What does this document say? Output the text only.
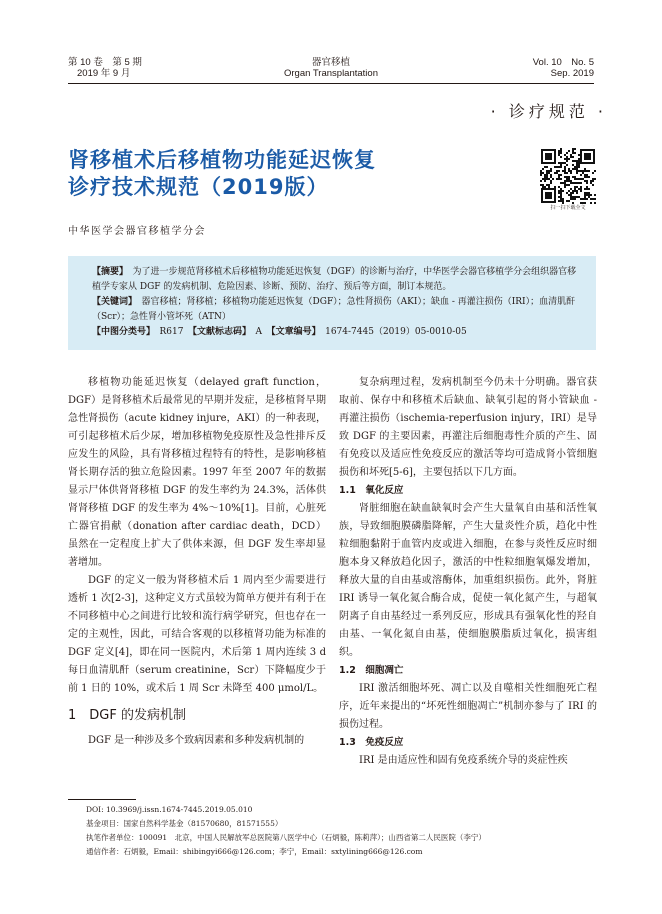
第 10 卷　第 5 期
2019 年 9 月
器官移植
Organ Transplantation
Vol. 10　No. 5
Sep. 2019
· 诊疗规范 ·
肾移植术后移植物功能延迟恢复
诊疗技术规范（2019版）
扫一扫下载全文
中华医学会器官移植学分会

【摘要】　 为了进一步规范肾移植术后移植物功能延迟恢复（DGF）的诊断与治疗，中华医学会器官移植学分会组织器官移植学专家从 DGF 的发病机制、危险因素、诊断、预防、治疗、预后等方面，制订本规范。

【关键词】　 器官移植；肾移植；移植物功能延迟恢复（DGF）；急性肾损伤（AKI）；缺血 - 再灌注损伤（IRI）；血清肌酐（Scr）；急性肾小管坏死（ATN）

【中图分类号】　 R617　 【文献标志码】　 A　 【文章编号】　 1674-7445（2019）05-0010-05

移植物功能延迟恢复（delayed graft function，DGF）是肾移植术后最常见的早期并发症，是移植肾早期急性肾损伤（acute kidney injure，AKI）的一种表现，可引起移植术后少尿，增加移植物免疫原性及急性排斥反应发生的风险，具有肾移植过程特有的特性，是影响移植肾长期存活的独立危险因素。1997 年至 2007 年的数据显示尸体供肾肾移植 DGF 的发生率约为 24.3%，活体供肾肾移植 DGF 的发生率为 4%～10%[1]。目前，心脏死亡器官捐献（donation after cardiac death，DCD）虽然在一定程度上扩大了供体来源，但 DGF 发生率却显著增加。

DGF 的定义一般为肾移植术后 1 周内至少需要进行透析 1 次[2-3]，这种定义方式虽较为简单方便并有利于在不同移植中心之间进行比较和流行病学研究，但也存在一定的主观性，因此，可结合客观的以移植肾功能为标准的 DGF 定义[4]，即在同一医院内，术后第 1 周内连续 3 d 每日血清肌酐（serum creatinine，Scr）下降幅度少于前 1 日的 10%，或术后 1 周 Scr 未降至 400 μmol/L。

1　DGF 的发病机制

DGF 是一种涉及多个致病因素和多种发病机制的

复杂病理过程，发病机制至今仍未十分明确。器官获取前、保存中和移植术后缺血、缺氧引起的肾小管缺血 - 再灌注损伤（ischemia-reperfusion injury，IRI）是导致 DGF 的主要因素，再灌注后细胞毒性介质的产生、固有免疫以及适应性免疫反应的激活等均可造成肾小管细胞损伤和坏死[5-6]，主要包括以下几方面。

1.1　氧化反应

肾脏细胞在缺血缺氧时会产生大量氧自由基和活性氧族，导致细胞膜磷脂降解，产生大量炎性介质，趋化中性粒细胞黏附于血管内皮或进入细胞，在参与炎性反应时细胞本身又释放趋化因子，激活的中性粒细胞氧爆发增加，释放大量的自由基或溶酶体，加重组织损伤。此外，肾脏 IRI 诱导一氧化氮合酶合成，促使一氧化氮产生，与超氧阴离子自由基经过一系列反应，形成具有强氧化性的羟自由基、一氧化氮自由基，使细胞膜脂质过氧化，损害组织。

1.2　细胞凋亡

IRI 激活细胞坏死、凋亡以及自噬相关性细胞死亡程序，近年来提出的“坏死性细胞凋亡”机制亦参与了 IRI 的损伤过程。

1.3　免疫反应

IRI 是由适应性和固有免疫系统介导的炎症性疾

DOI: 10.3969/j.issn.1674-7445.2019.05.010
基金项目：国家自然科学基金（81570680，81571555）
执笔作者单位：100091　北京，中国人民解放军总医院第八医学中心（石炳毅，陈莉萍）；山西省第二人民医院（李宁）
通信作者：石炳毅，Email：shibingyi666@126.com；李宁，Email：sxtylining666@126.com
